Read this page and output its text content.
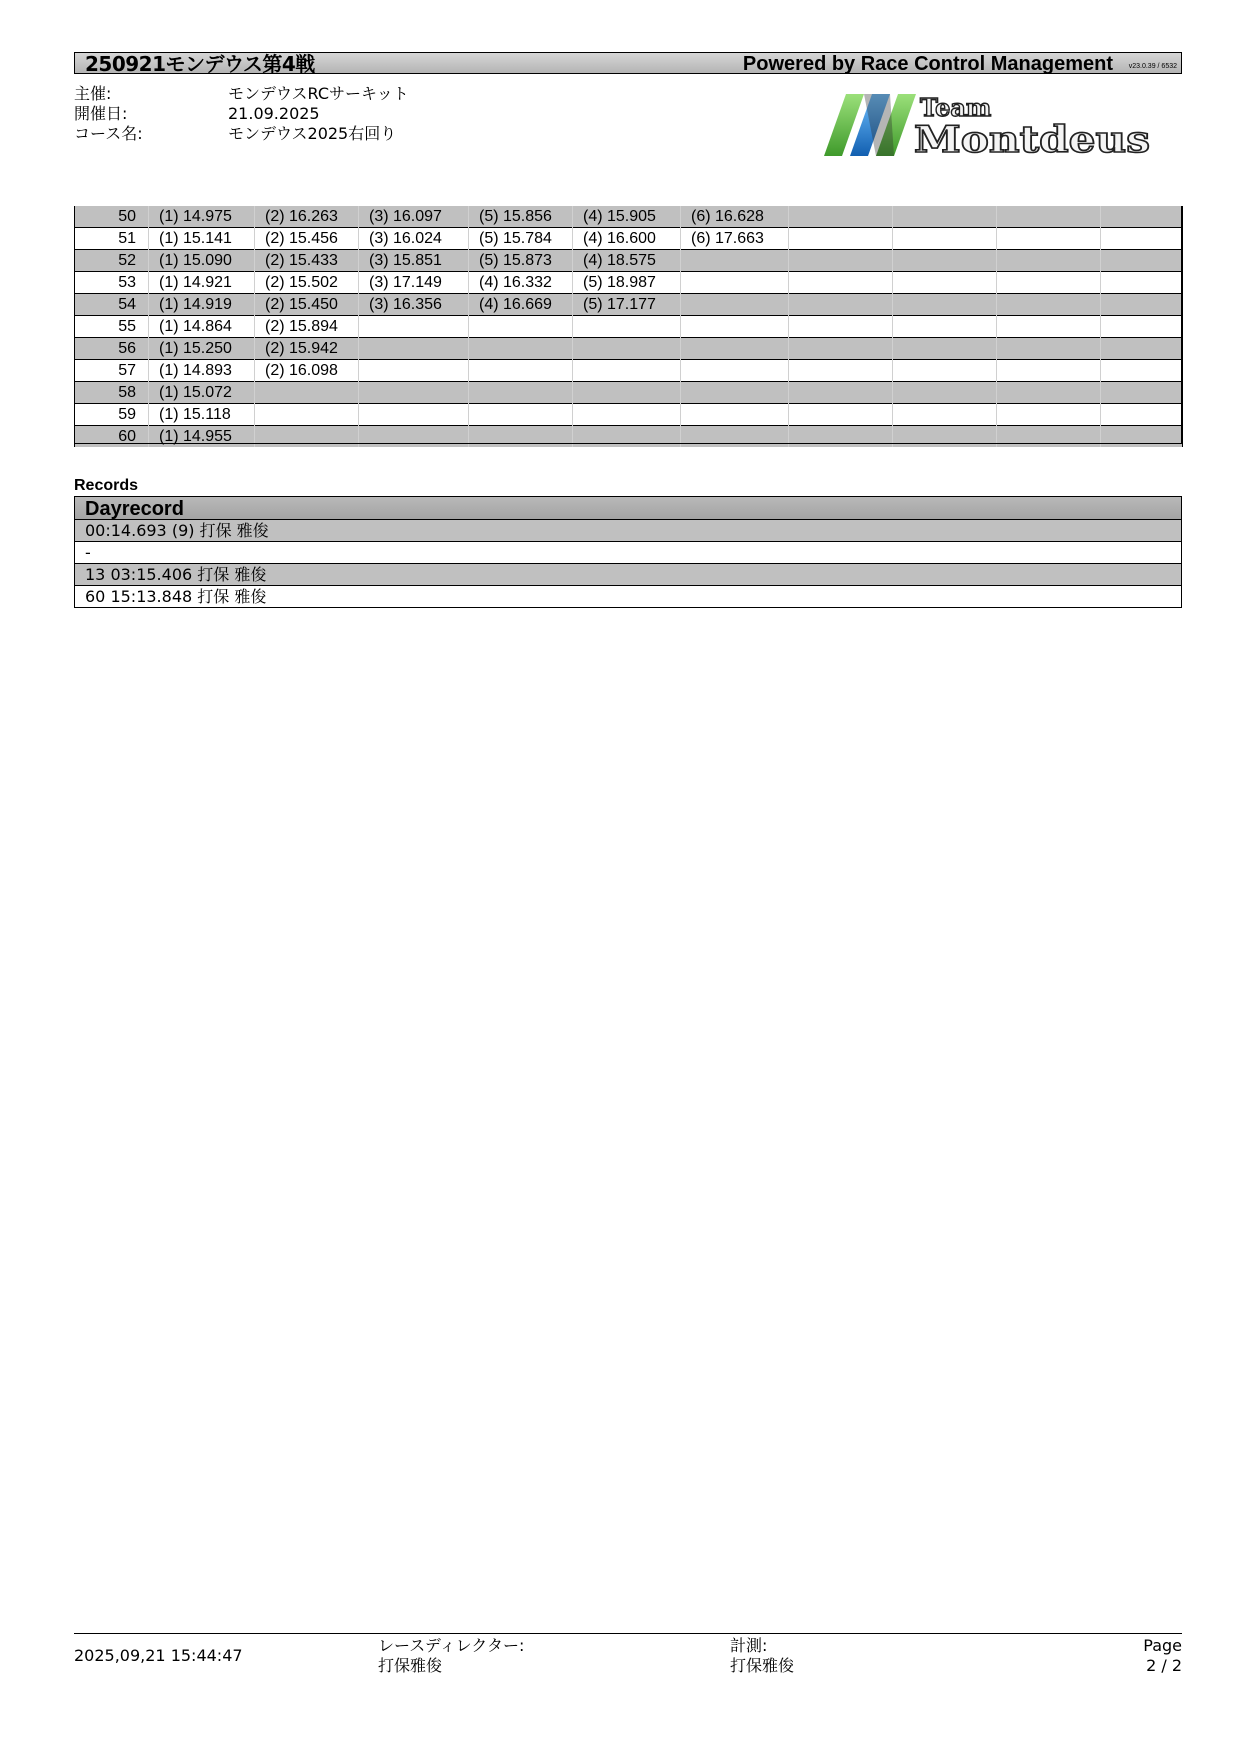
250921モンデウス第4戦	Powered by Race Control Management v23.0.39 / 6532
主催:	モンデウスRCサーキット
開催日:	21.09.2025
コース名:	モンデウス2025右回り
Team
Montdeus
50	(1) 14.975	(2) 16.263	(3) 16.097	(5) 15.856	(4) 15.905	(6) 16.628				
51	(1) 15.141	(2) 15.456	(3) 16.024	(5) 15.784	(4) 16.600	(6) 17.663				
52	(1) 15.090	(2) 15.433	(3) 15.851	(5) 15.873	(4) 18.575					
53	(1) 14.921	(2) 15.502	(3) 17.149	(4) 16.332	(5) 18.987					
54	(1) 14.919	(2) 15.450	(3) 16.356	(4) 16.669	(5) 17.177					
55	(1) 14.864	(2) 15.894								
56	(1) 15.250	(2) 15.942								
57	(1) 14.893	(2) 16.098								
58	(1) 15.072									
59	(1) 15.118									
60	(1) 14.955									
Records
Dayrecord
00:14.693 (9) 打保 雅俊
-
13 03:15.406 打保 雅俊
60 15:13.848 打保 雅俊
2025,09,21 15:44:47
レースディレクター:
打保雅俊
計測:
打保雅俊
Page
2 / 2
